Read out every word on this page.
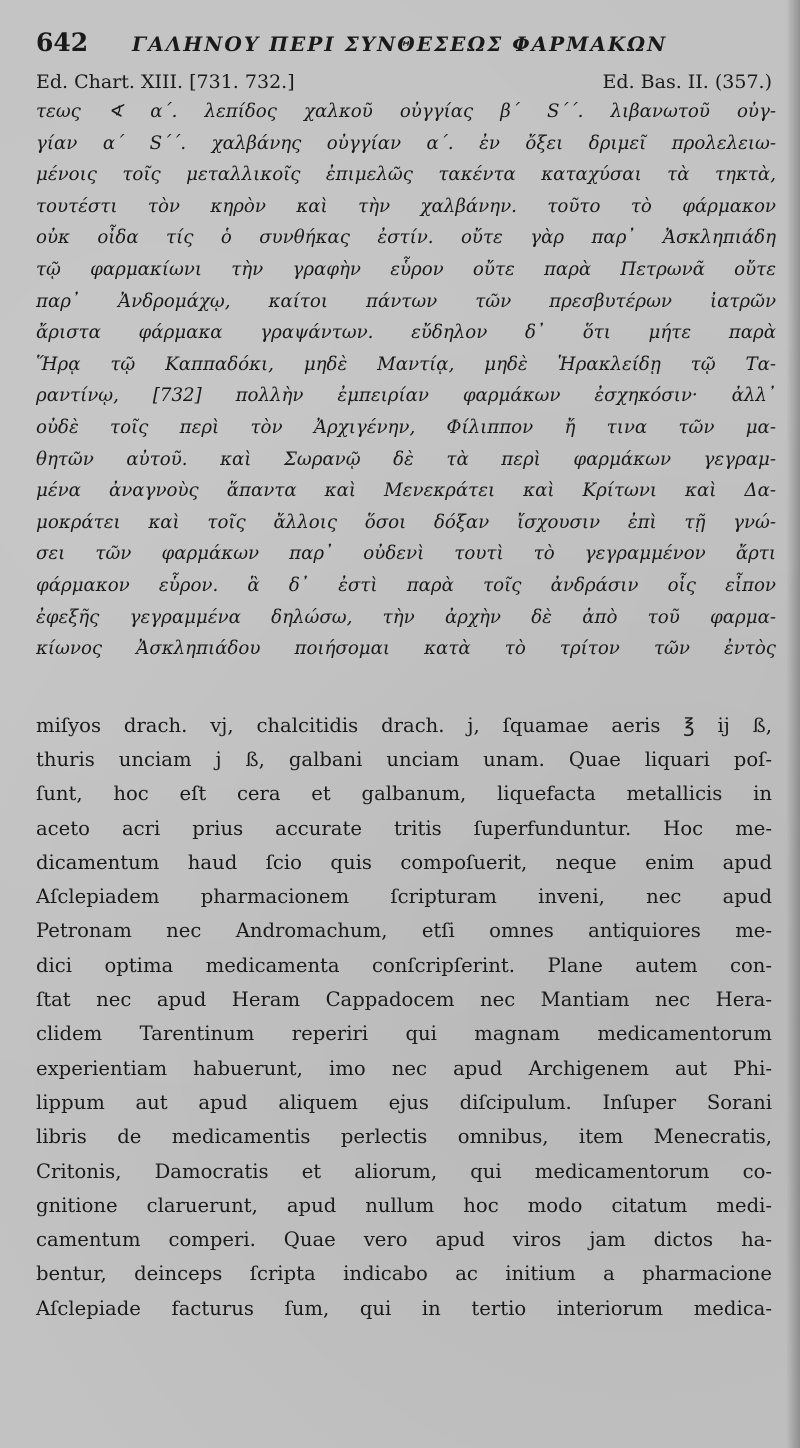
642	ΓΑΛΗΝΟΥ ΠΕΡΙ ΣΥΝΘΕΣΕΩΣ ΦΑΡΜΑΚΩΝ
Ed. Chart. XIII. [731. 732.]	Ed. Bas. II. (357.)
τεως ∢ α΄. λεπίδος χαλκοῦ οὐγγίας β΄ S΄΄. λιβανωτοῦ οὐγ-
γίαν α΄ S΄΄. χαλβάνης οὐγγίαν α΄. ἐν ὄξει δριμεῖ προλελειω-
μένοις τοῖς μεταλλικοῖς ἐπιμελῶς τακέντα καταχύσαι τὰ τηκτὰ,
τουτέστι τὸν κηρὸν καὶ τὴν χαλβάνην. τοῦτο τὸ φάρμακον
οὐκ οἶδα τίς ὁ συνθήκας ἐστίν. οὔτε γὰρ παρ᾽ Ἀσκληπιάδη
τῷ φαρμακίωνι τὴν γραφὴν εὗρον οὔτε παρὰ Πετρωνᾶ οὔτε
παρ᾽ Ἀνδρομάχῳ, καίτοι πάντων τῶν πρεσβυτέρων ἰατρῶν
ἄριστα φάρμακα γραψάντων. εὔδηλον δ᾽ ὅτι μήτε παρὰ
Ἥρᾳ τῷ Καππαδόκι, μηδὲ Μαντίᾳ, μηδὲ Ἡρακλείδῃ τῷ Τα-
ραντίνῳ, [732] πολλὴν ἐμπειρίαν φαρμάκων ἐσχηκόσιν· ἀλλ᾽
οὐδὲ τοῖς περὶ τὸν Ἀρχιγένην, Φίλιππον ἤ τινα τῶν μα-
θητῶν αὐτοῦ. καὶ Σωρανῷ δὲ τὰ περὶ φαρμάκων γεγραμ-
μένα ἀναγνοὺς ἅπαντα καὶ Μενεκράτει καὶ Κρίτωνι καὶ Δα-
μοκράτει καὶ τοῖς ἄλλοις ὅσοι δόξαν ἴσχουσιν ἐπὶ τῇ γνώ-
σει τῶν φαρμάκων παρ᾽ οὐδενὶ τουτὶ τὸ γεγραμμένον ἄρτι
φάρμακον εὗρον. ἃ δ᾽ ἐστὶ παρὰ τοῖς ἀνδράσιν οἷς εἶπον
ἐφεξῆς γεγραμμένα δηλώσω, τὴν ἀρχὴν δὲ ἀπὸ τοῦ φαρμα-
κίωνος Ἀσκληπιάδου ποιήσομαι κατὰ τὸ τρίτον τῶν ἐντὸς
miſyos drach. vj, chalcitidis drach. j, ſquamae aeris ℥ ij ß,
thuris unciam j ß, galbani unciam unam. Quae liquari poſ-
ſunt, hoc eſt cera et galbanum, liquefacta metallicis in
aceto acri prius accurate tritis ſuperfunduntur. Hoc me-
dicamentum haud ſcio quis compoſuerit, neque enim apud
Aſclepiadem pharmacionem ſcripturam inveni, nec apud
Petronam nec Andromachum, etſi omnes antiquiores me-
dici optima medicamenta conſcripſerint. Plane autem con-
ſtat nec apud Heram Cappadocem nec Mantiam nec Hera-
clidem Tarentinum reperiri qui magnam medicamentorum
experientiam habuerunt, imo nec apud Archigenem aut Phi-
lippum aut apud aliquem ejus diſcipulum. Inſuper Sorani
libris de medicamentis perlectis omnibus, item Menecratis,
Critonis, Damocratis et aliorum, qui medicamentorum co-
gnitione claruerunt, apud nullum hoc modo citatum medi-
camentum comperi. Quae vero apud viros jam dictos ha-
bentur, deinceps ſcripta indicabo ac initium a pharmacione
Aſclepiade facturus ſum, qui in tertio interiorum medica-
